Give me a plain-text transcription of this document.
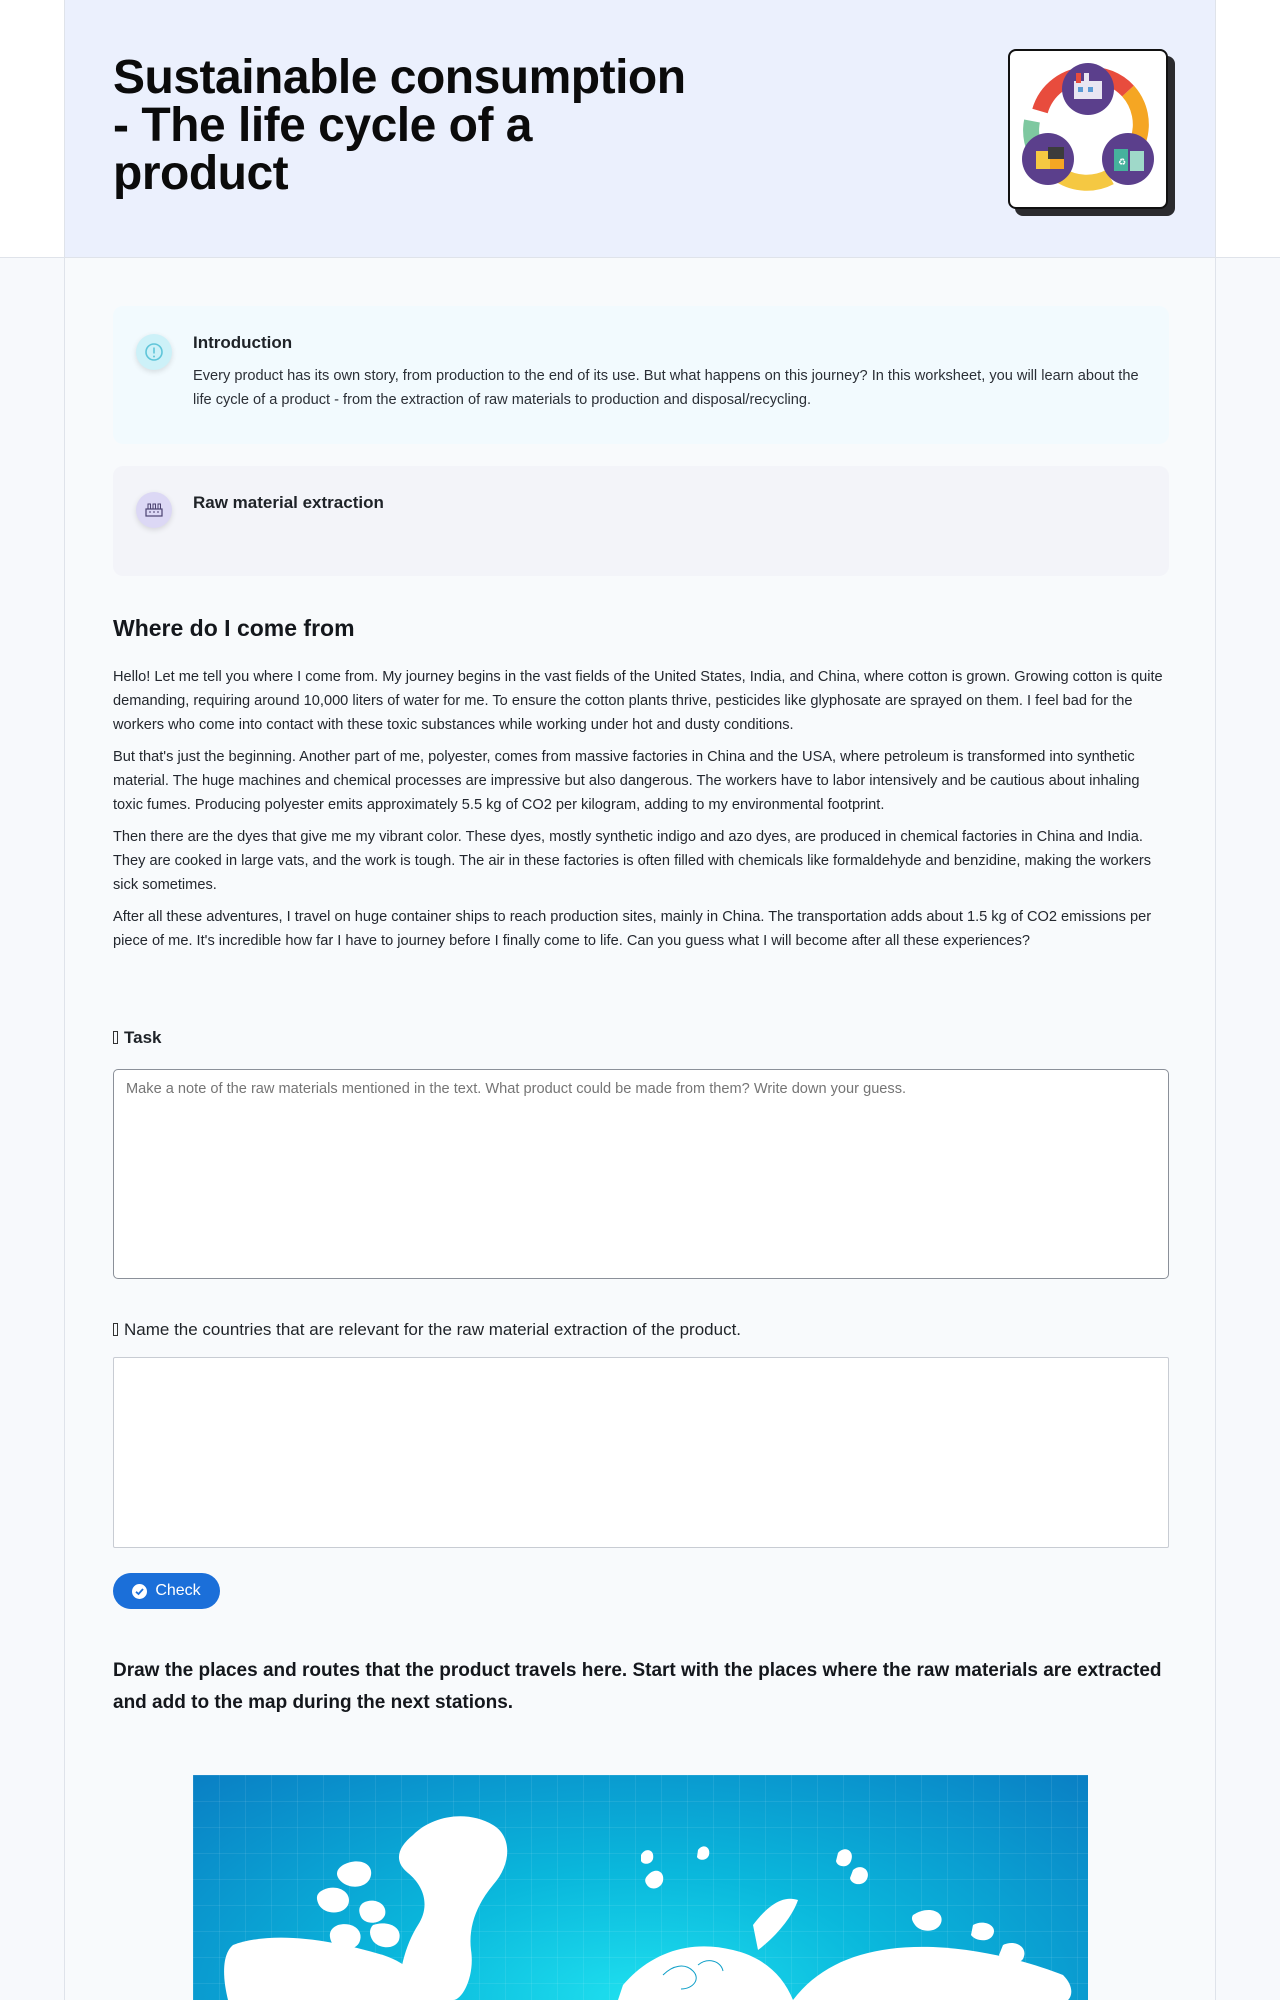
Sustainable consumption - The life cycle of a product	♻
Introduction
Every product has its own story, from production to the end of its use. But what happens on this journey? In this worksheet, you will learn about the life cycle of a product - from the extraction of raw materials to production and disposal/recycling.
Raw material extraction
Where do I come from

Hello! Let me tell you where I come from. My journey begins in the vast fields of the United States, India, and China, where cotton is grown. Growing cotton is quite demanding, requiring around 10,000 liters of water for me. To ensure the cotton plants thrive, pesticides like glyphosate are sprayed on them. I feel bad for the workers who come into contact with these toxic substances while working under hot and dusty conditions.

But that's just the beginning. Another part of me, polyester, comes from massive factories in China and the USA, where petroleum is transformed into synthetic material. The huge machines and chemical processes are impressive but also dangerous. The workers have to labor intensively and be cautious about inhaling toxic fumes. Producing polyester emits approximately 5.5 kg of CO2 per kilogram, adding to my environmental footprint.

Then there are the dyes that give me my vibrant color. These dyes, mostly synthetic indigo and azo dyes, are produced in chemical factories in China and India. They are cooked in large vats, and the work is tough. The air in these factories is often filled with chemicals like formaldehyde and benzidine, making the workers sick sometimes.

After all these adventures, I travel on huge container ships to reach production sites, mainly in China. The transportation adds about 1.5 kg of CO2 emissions per piece of me. It's incredible how far I have to journey before I finally come to life. Can you guess what I will become after all these experiences?

Task
Make a note of the raw materials mentioned in the text. What product could be made from them? Write down your guess.
Name the countries that are relevant for the raw material extraction of the product.
Check
Draw the places and routes that the product travels here. Start with the places where the raw materials are extracted and add to the map during the next stations.
